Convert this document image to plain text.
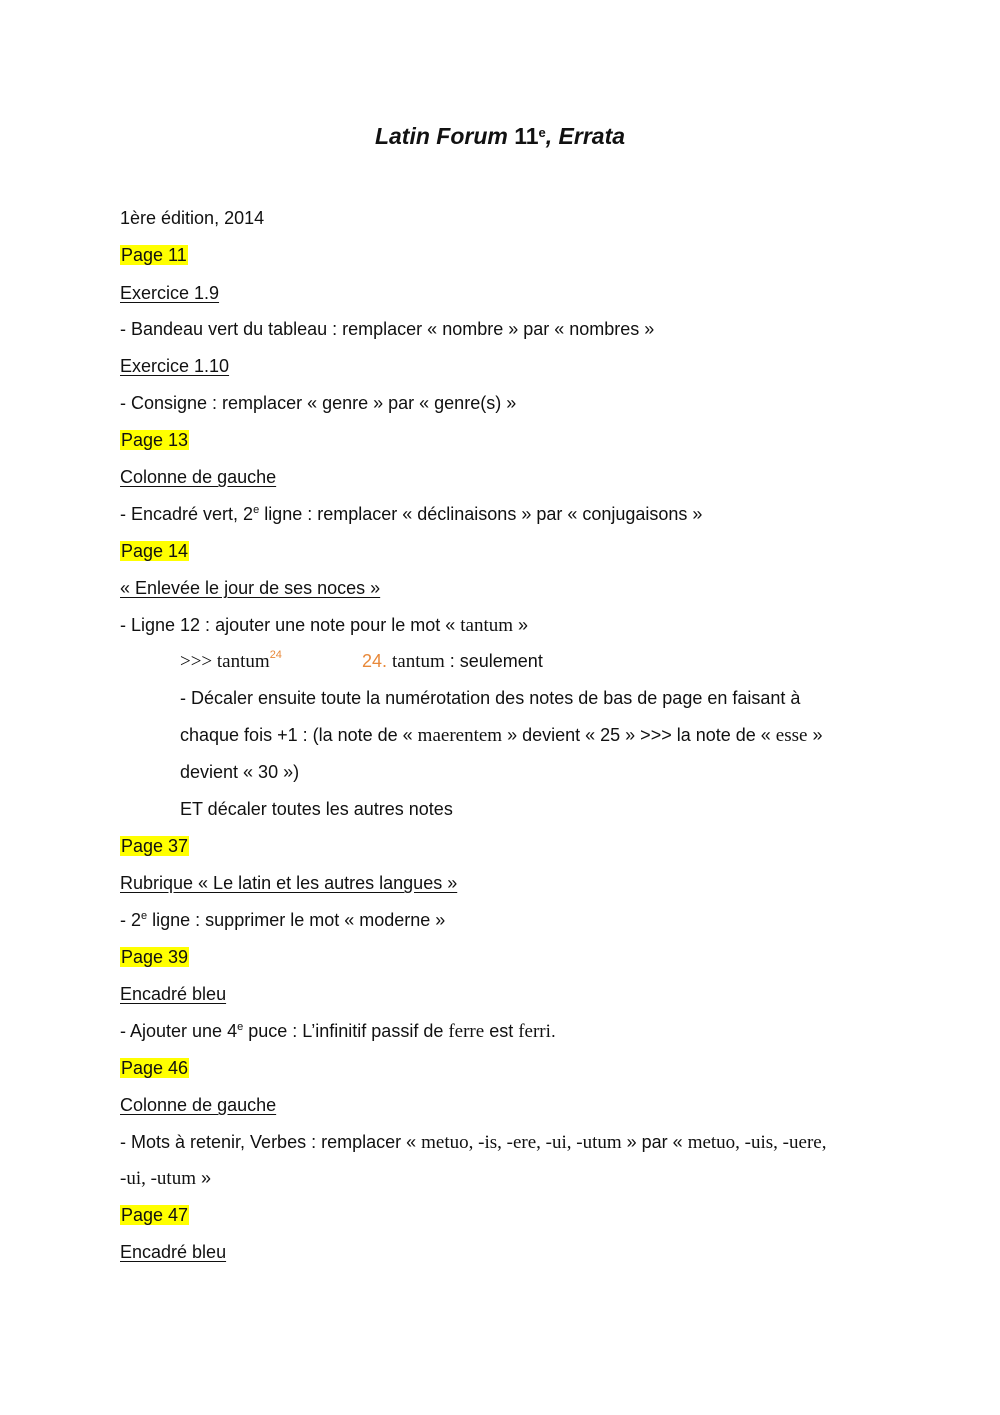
Latin Forum 11e, Errata
1ère édition, 2014
Page 11
Exercice 1.9
- Bandeau vert du tableau : remplacer « nombre » par « nombres »
Exercice 1.10
- Consigne : remplacer « genre » par « genre(s) »
Page 13
Colonne de gauche
- Encadré vert, 2e ligne : remplacer « déclinaisons » par « conjugaisons »
Page 14
« Enlevée le jour de ses noces »
- Ligne 12 : ajouter une note pour le mot « tantum »
>>> tantum$^{24}$	24. tantum : seulement
- Décaler ensuite toute la numérotation des notes de bas de page en faisant à
chaque fois +1 : (la note de « maerentem » devient « 25 » >>> la note de « esse »
devient « 30 »)
ET décaler toutes les autres notes
Page 37
Rubrique « Le latin et les autres langues »
- 2e ligne : supprimer le mot « moderne »
Page 39
Encadré bleu
- Ajouter une 4e puce : L’infinitif passif de ferre est ferri.
Page 46
Colonne de gauche
- Mots à retenir, Verbes : remplacer « metuo, -is, -ere, -ui, -utum » par « metuo, -uis, -uere,
-ui, -utum »
Page 47
Encadré bleu
